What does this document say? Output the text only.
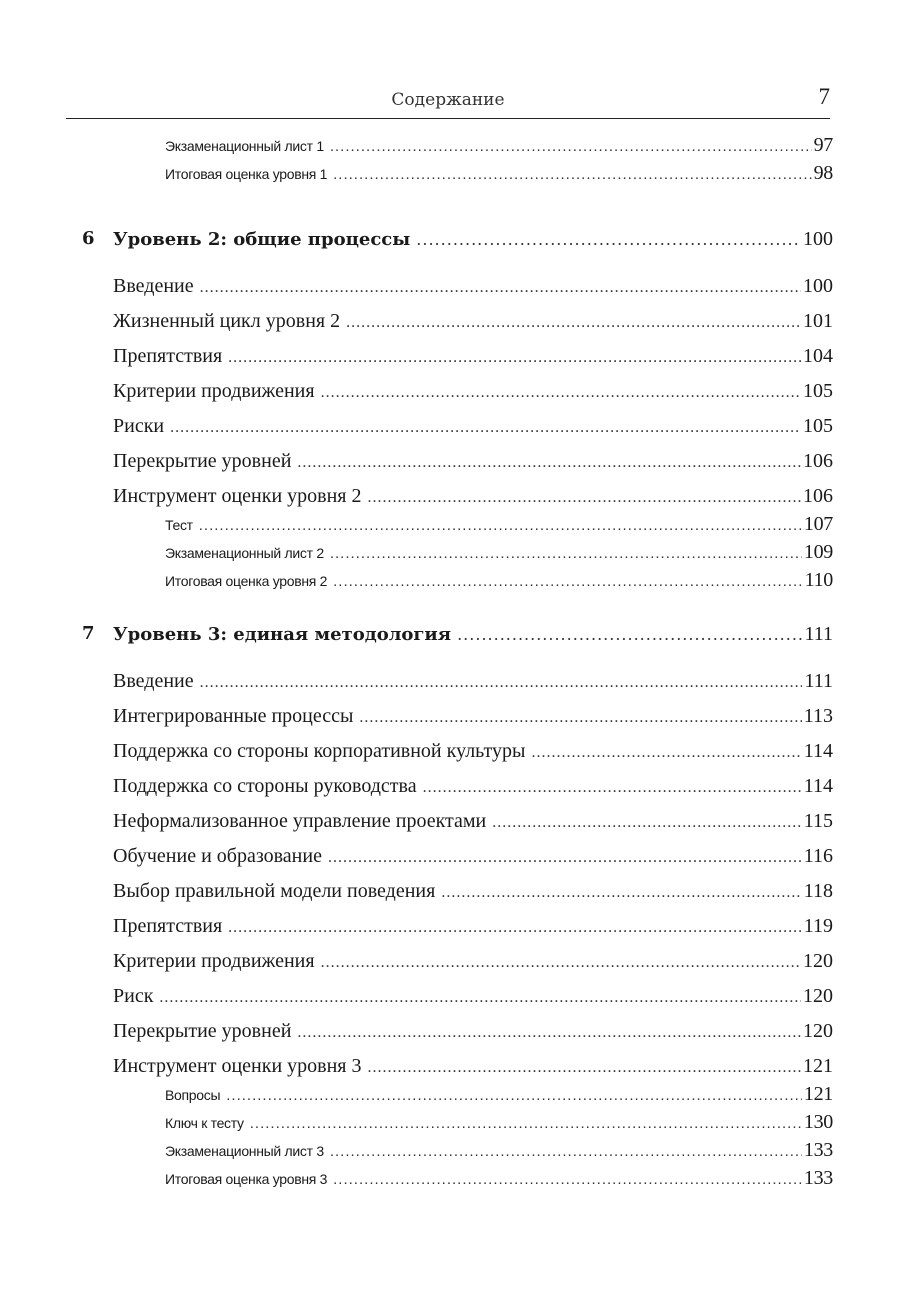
Содержание	7
Экзаменационный лист 1 .....	97
Итоговая оценка уровня 1 .....	98
6 Уровень 2: общие процессы .....	100
Введение .....	100
Жизненный цикл уровня 2 .....	101
Препятствия .....	104
Критерии продвижения .....	105
Риски .....	105
Перекрытие уровней .....	106
Инструмент оценки уровня 2 .....	106
Тест .....	107
Экзаменационный лист 2 .....	109
Итоговая оценка уровня 2 .....	110
7 Уровень 3: единая методология .....	111
Введение .....	111
Интегрированные процессы .....	113
Поддержка со стороны корпоративной культуры .....	114
Поддержка со стороны руководства .....	114
Неформализованное управление проектами .....	115
Обучение и образование .....	116
Выбор правильной модели поведения .....	118
Препятствия .....	119
Критерии продвижения .....	120
Риск .....	120
Перекрытие уровней .....	120
Инструмент оценки уровня 3 .....	121
Вопросы .....	121
Ключ к тесту .....	130
Экзаменационный лист 3 .....	133
Итоговая оценка уровня 3 .....	133
